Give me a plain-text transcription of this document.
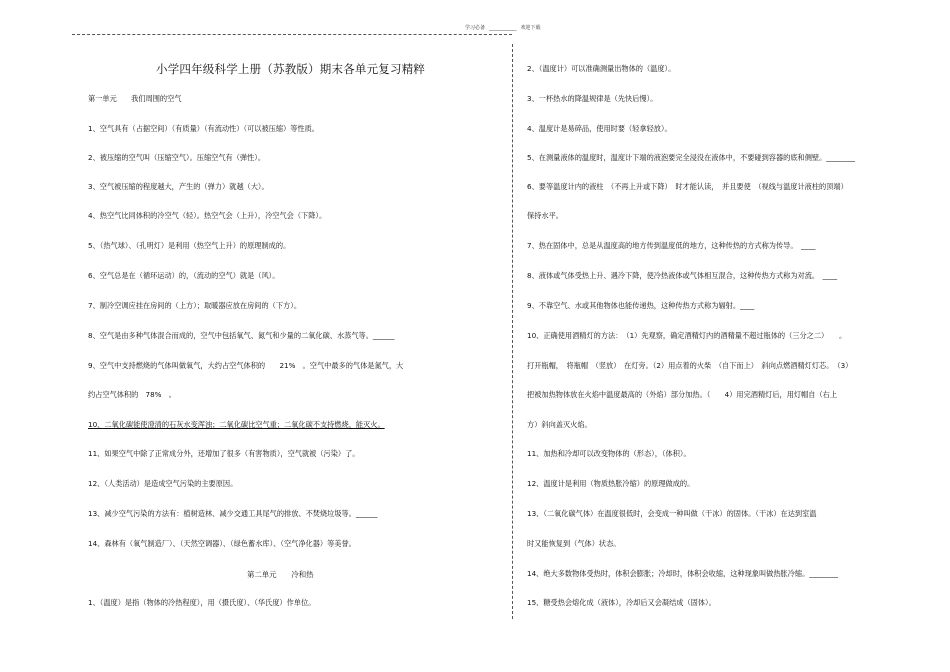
学习必备 ___________ 欢迎下载
小学四年级科学上册（苏教版）期末各单元复习精粹
第一单元　　我们周围的空气
1、空气具有（占据空间）（有质量）（有流动性）（可以被压缩）等性质。
2、被压缩的空气叫（压缩空气）。压缩空气有（弹性）。
3、空气被压缩的程度越大，产生的（弹力）就越（大）。
4、热空气比同体积的冷空气（轻）。热空气会（上升），冷空气会（下降）。
5、（热气球）、（孔明灯）是利用（热空气上升）的原理制成的。
6、空气总是在（循环运动）的，（流动的空气）就是（风）。
7、制冷空调应挂在房间的（上方）；取暖器应放在房间的（下方）。
8、空气是由多种气体混合而成的，空气中包括氧气、氮气和少量的二氧化碳、水蒸气等。______
9、空气中支持燃烧的气体叫做氧气，大约占空气体积的　　21%　。空气中最多的气体是氮气，大
约占空气体积的　78%　。
10、二氧化碳能使澄清的石灰水变浑浊；二氧化碳比空气重；二氧化碳不支持燃烧，能灭火。
11、如果空气中除了正常成分外，还增加了很多（有害物质），空气就被（污染）了。
12、（人类活动）是造成空气污染的主要原因。
13、减少空气污染的方法有：植树造林、减少交通工具尾气的排放、不焚烧垃圾等。______
14、森林有（氧气制造厂）、（天然空调器）、（绿色蓄水库）、（空气净化器）等美誉。
第二单元　　冷和热
1、（温度）是指（物体的冷热程度），用（摄氏度）、（华氏度）作单位。
2、（温度计）可以准确测量出物体的（温度）。
3、一杯热水的降温规律是（先快后慢）。
4、温度计是易碎品，使用时要（轻拿轻放）。
5、在测量液体的温度时，温度计下端的液泡要完全浸没在液体中，不要碰到容器的底和侧壁。________
6、要等温度计内的液柱　（不再上升或下降）　时才能认读，　并且要使　（视线与温度计液柱的顶端）
保持水平。
7、热在固体中，总是从温度高的地方传到温度低的地方，这种传热的方式称为传导。　____
8、液体或气体受热上升、遇冷下降，使冷热液体或气体相互混合，这种传热方式称为对流。　____
9、不靠空气、水或其他物体也能传递热，这种传热方式称为辐射。____
10、正确使用酒精灯的方法：　（1）先观察，确定酒精灯内的酒精量不超过瓶体的（三分之二）　　。
打开瓶帽，　将瓶帽　（竖放）　在灯旁。（2）用点着的火柴　（自下而上）　斜向点燃酒精灯灯芯。　（3）
把被加热物体放在火焰中温度最高的（外焰）部分加热。（　　4）用完酒精灯后，用灯帽自（右上
方）斜向盖灭火焰。
11、加热和冷却可以改变物体的（形态），（体积）。
12、温度计是利用（物质热胀冷缩）的原理做成的。
13、（二氧化碳气体）在温度很低时，会变成一种叫做（干冰）的固体。（干冰）在达到室温
时又能恢复到（气体）状态。
14、绝大多数物体受热时，体积会膨胀；冷却时，体积会收缩，这种现象叫做热胀冷缩。________
15、糖受热会熔化成（液体），冷却后又会凝结成（固体）。
